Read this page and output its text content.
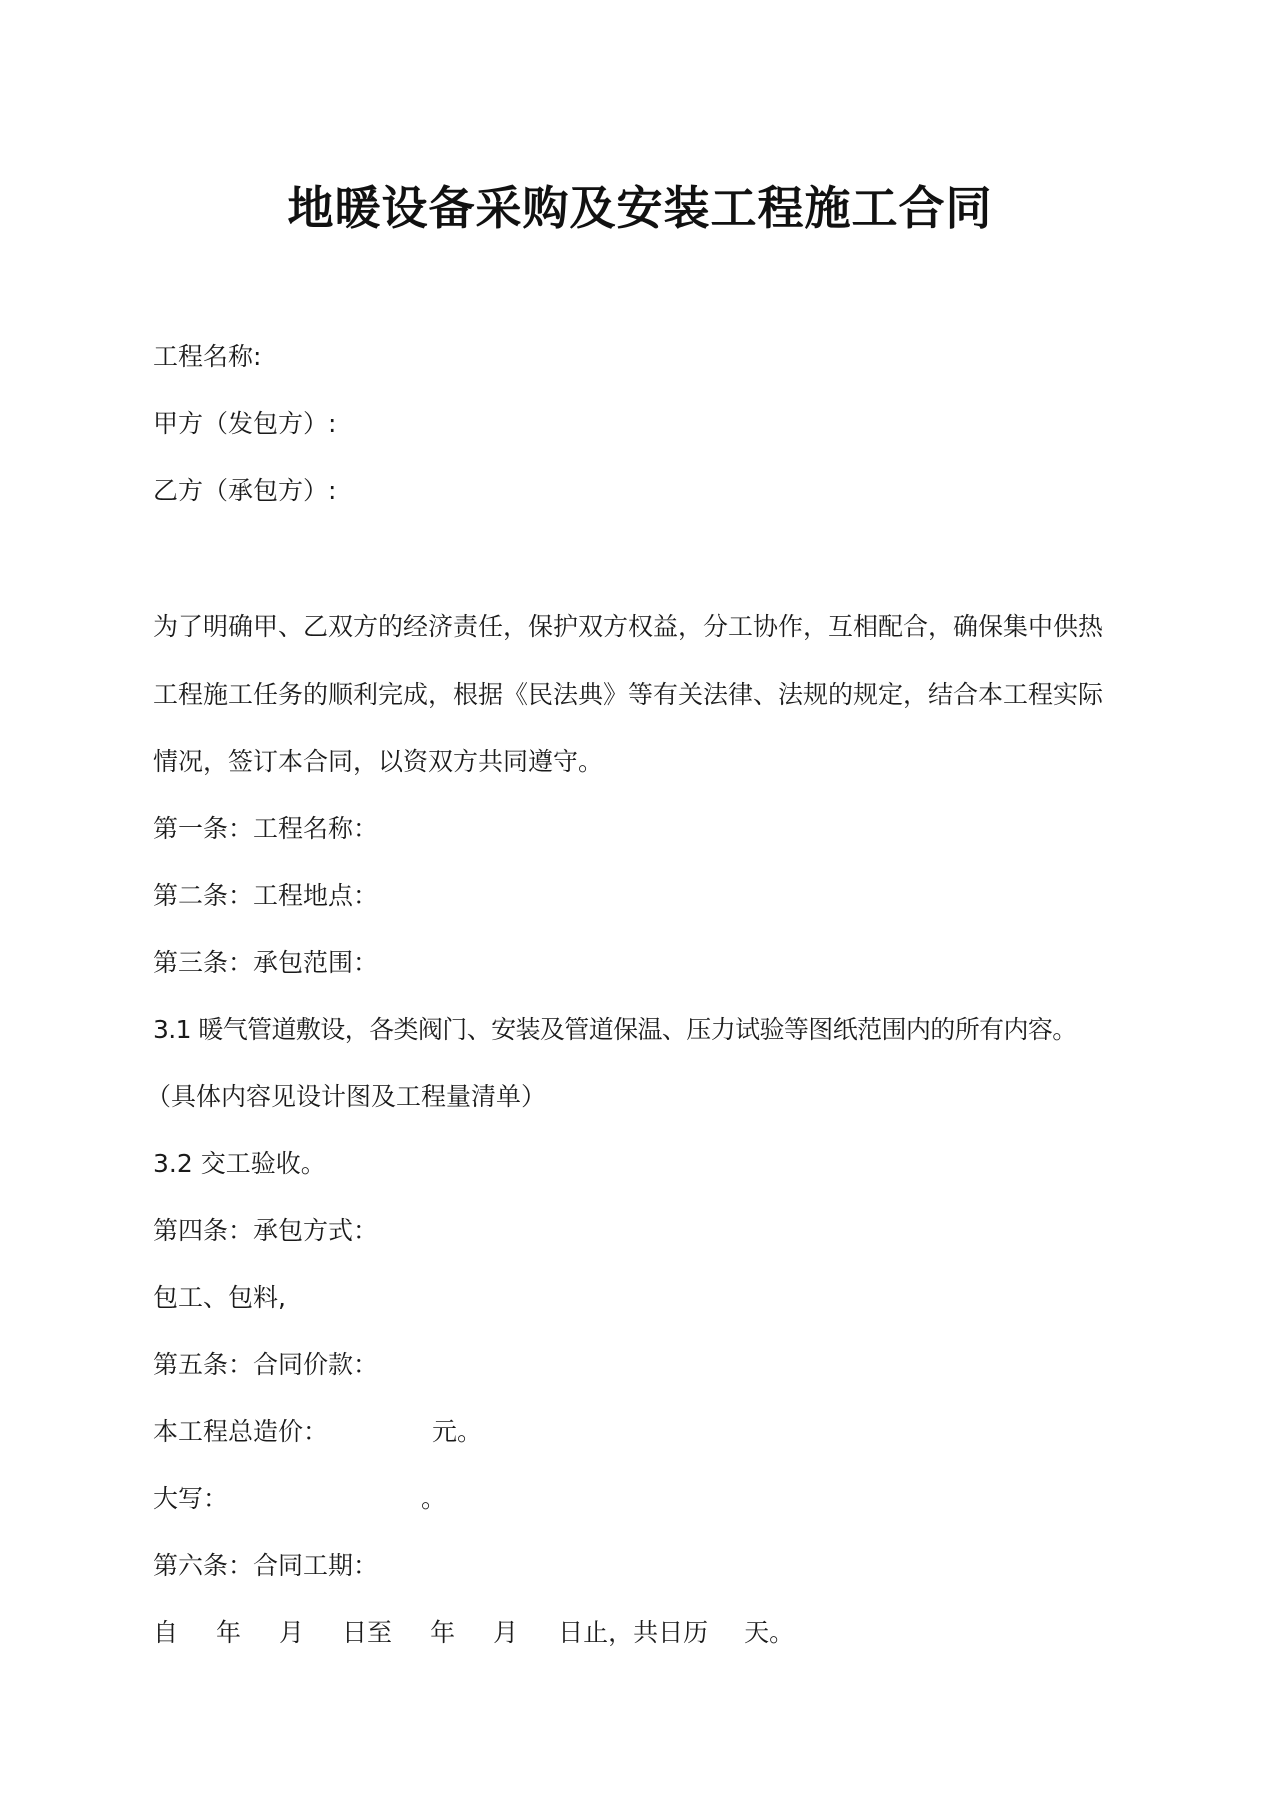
地暖设备采购及安装工程施工合同
工程名称:
甲方（发包方）:
乙方（承包方）:
为了明确甲、乙双方的经济责任，保护双方权益，分工协作，互相配合，确保集中供热
工程施工任务的顺利完成，根据《民法典》等有关法律、法规的规定，结合本工程实际
情况，签订本合同，以资双方共同遵守。
第一条：工程名称：
第二条：工程地点：
第三条：承包范围：
3.1 暖气管道敷设，各类阀门、安装及管道保温、压力试验等图纸范围内的所有内容。
（具体内容见设计图及工程量清单）
3.2 交工验收。
第四条：承包方式：
包工、包料,
第五条：合同价款：
本工程总造价：	元。
大写：	。
第六条：合同工期：
自 年 月 日至 年 月 日止，共日历 天。
